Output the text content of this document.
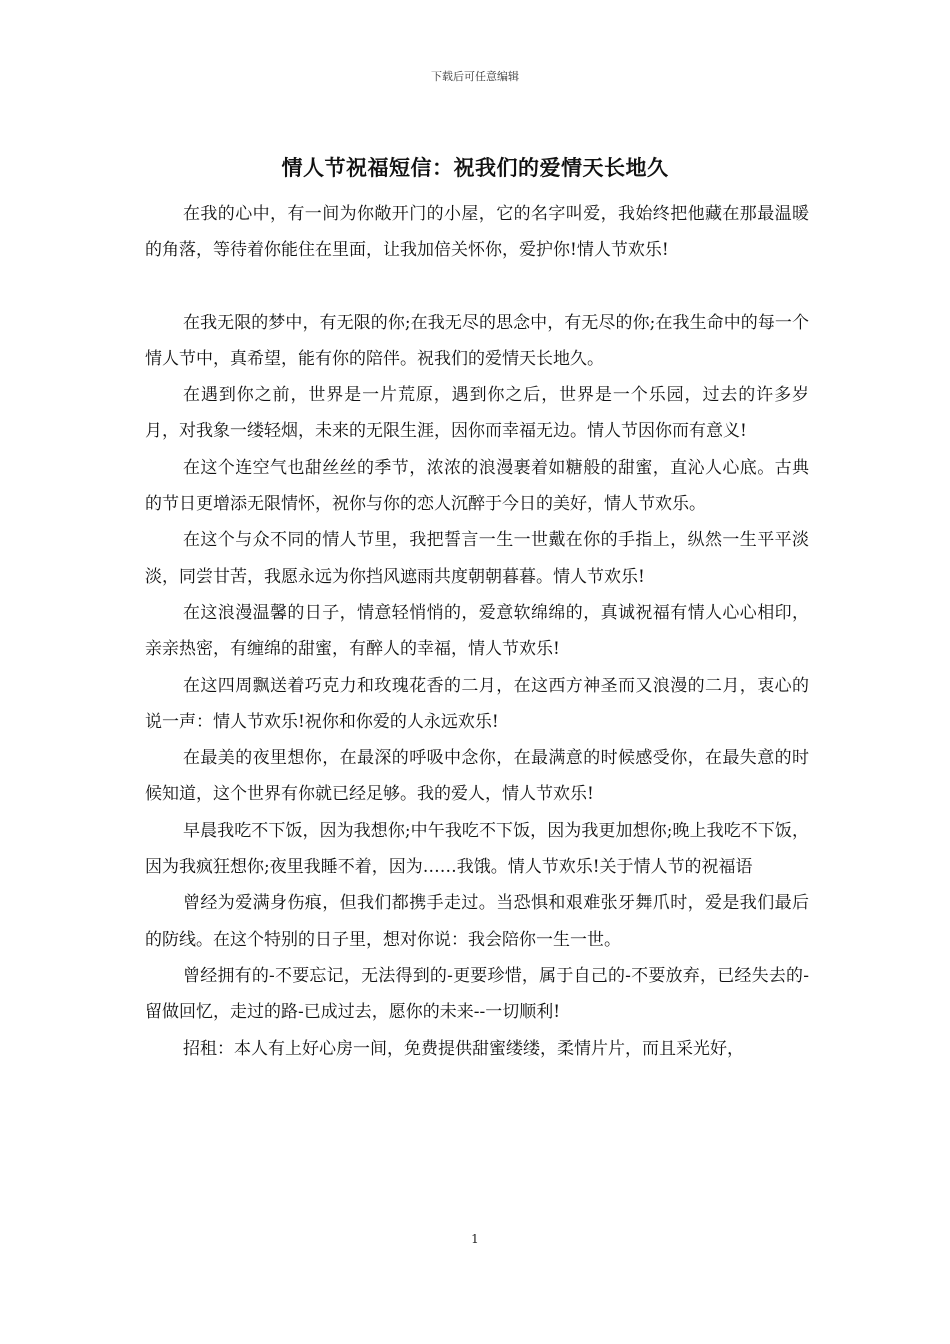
下载后可任意编辑
情人节祝福短信：祝我们的爱情天长地久

在我的心中，有一间为你敞开门的小屋，它的名字叫爱，我始终把他藏在那最温暖的角落，等待着你能住在里面，让我加倍关怀你，爱护你!情人节欢乐!

在我无限的梦中，有无限的你;在我无尽的思念中，有无尽的你;在我生命中的每一个情人节中，真希望，能有你的陪伴。祝我们的爱情天长地久。

在遇到你之前，世界是一片荒原，遇到你之后，世界是一个乐园，过去的许多岁月，对我象一缕轻烟，未来的无限生涯，因你而幸福无边。情人节因你而有意义!

在这个连空气也甜丝丝的季节，浓浓的浪漫裹着如糖般的甜蜜，直沁人心底。古典的节日更增添无限情怀，祝你与你的恋人沉醉于今日的美好，情人节欢乐。

在这个与众不同的情人节里，我把誓言一生一世戴在你的手指上，纵然一生平平淡淡，同尝甘苦，我愿永远为你挡风遮雨共度朝朝暮暮。情人节欢乐!

在这浪漫温馨的日子，情意轻悄悄的，爱意软绵绵的，真诚祝福有情人心心相印，亲亲热密，有缠绵的甜蜜，有醉人的幸福，情人节欢乐!

在这四周飘送着巧克力和玫瑰花香的二月，在这西方神圣而又浪漫的二月，衷心的说一声：情人节欢乐!祝你和你爱的人永远欢乐!

在最美的夜里想你，在最深的呼吸中念你，在最满意的时候感受你，在最失意的时候知道，这个世界有你就已经足够。我的爱人，情人节欢乐!

早晨我吃不下饭，因为我想你;中午我吃不下饭，因为我更加想你;晚上我吃不下饭，因为我疯狂想你;夜里我睡不着，因为……我饿。情人节欢乐!关于情人节的祝福语

曾经为爱满身伤痕，但我们都携手走过。当恐惧和艰难张牙舞爪时，爱是我们最后的防线。在这个特别的日子里，想对你说：我会陪你一生一世。

曾经拥有的-不要忘记，无法得到的-更要珍惜，属于自己的-不要放弃，已经失去的-留做回忆，走过的路-已成过去，愿你的未来--一切顺利!

招租：本人有上好心房一间，免费提供甜蜜缕缕，柔情片片，而且采光好，

1
